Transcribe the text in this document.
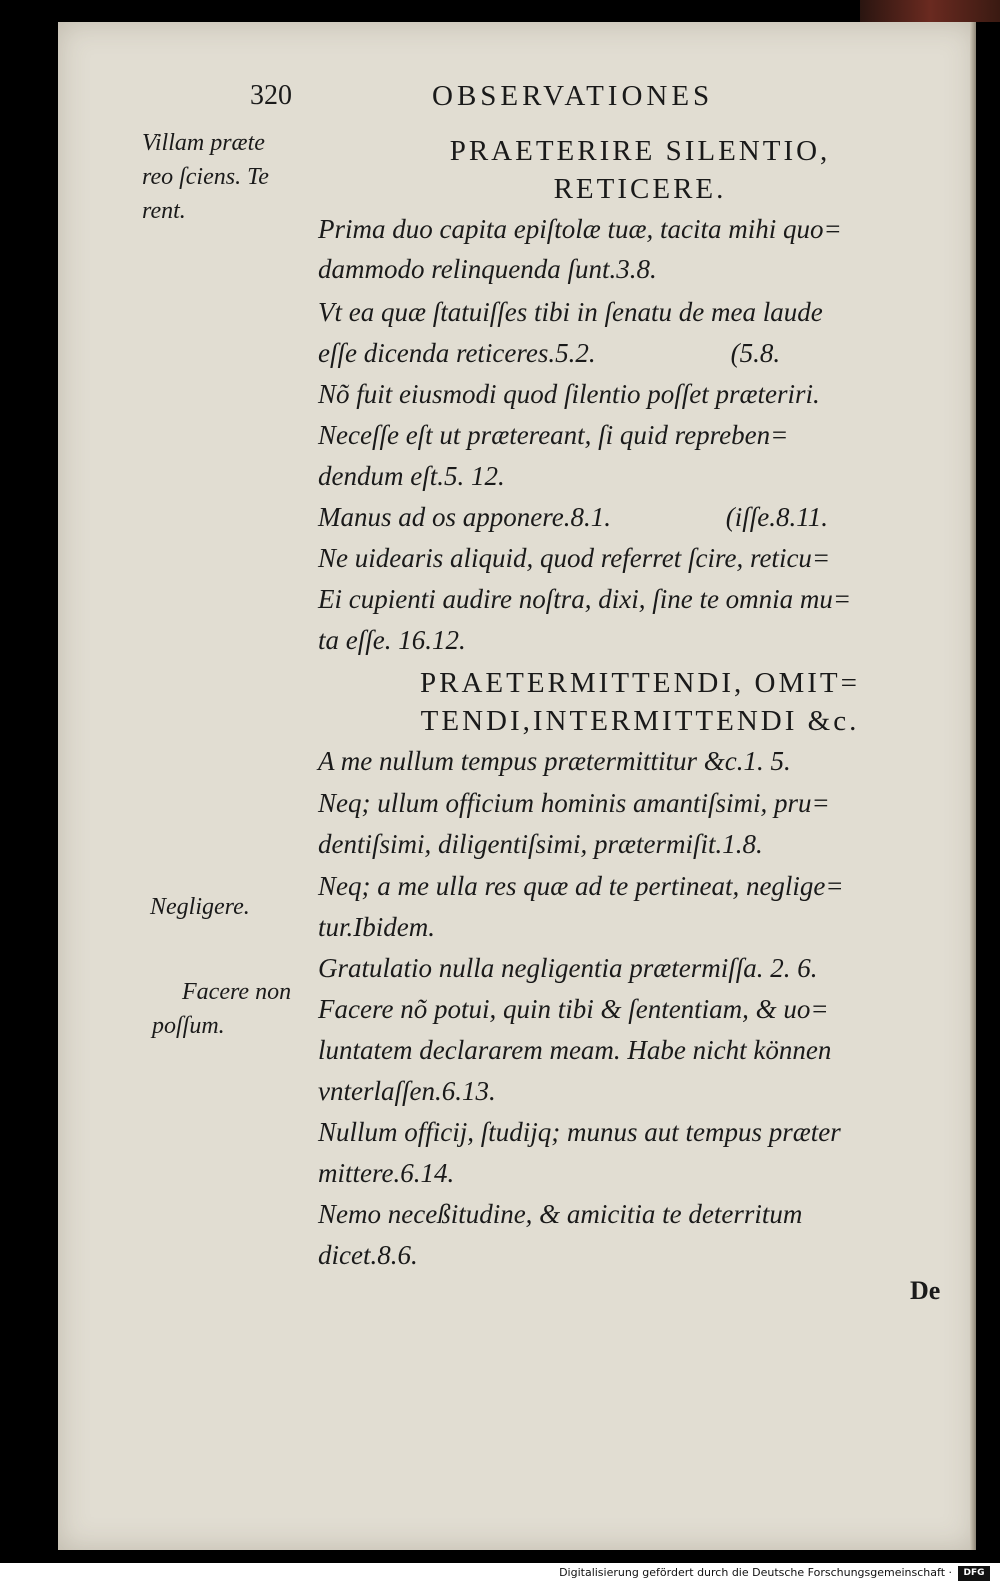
320	OBSERVATIONES
Villam præte
reo ſciens. Te
rent.
Negligere.
Facere non
poſſum.
PRAETERIRE SILENTIO,
RETICERE.
Prima duo capita epiſtolæ tuæ, tacita mihi quo=
dammodo relinquenda ſunt.3.8.
Vt ea quæ ſtatuiſſes tibi in ſenatu de mea laude
eſſe dicenda reticeres.5.2.                    (5.8.
Nõ fuit eiusmodi quod ſilentio poſſet præteriri.
Neceſſe eſt ut prætereant, ſi quid repreben=
dendum eſt.5. 12.
Manus ad os apponere.8.1.                 (iſſe.8.11.
Ne uidearis aliquid, quod referret ſcire, reticu=
Ei cupienti audire noſtra, dixi, ſine te omnia mu=
ta eſſe. 16.12.
PRAETERMITTENDI, OMIT=
TENDI,INTERMITTENDI &c.
A me nullum tempus prætermittitur &c.1. 5.
Neq; ullum officium hominis amantiſsimi, pru=
dentiſsimi, diligentiſsimi, prætermiſit.1.8.
Neq; a me ulla res quæ ad te pertineat, neglige=
tur.Ibidem.
Gratulatio nulla negligentia prætermiſſa. 2. 6.
Facere nõ potui, quin tibi & ſententiam, & uo=
luntatem declararem meam. Habe nicht können
vnterlaſſen.6.13.
Nullum officij, ſtudijq; munus aut tempus præter
mittere.6.14.
Nemo neceßitudine, & amicitia te deterritum
dicet.8.6.
De
Digitalisierung gefördert durch die Deutsche Forschungsgemeinschaft ·	DFG
